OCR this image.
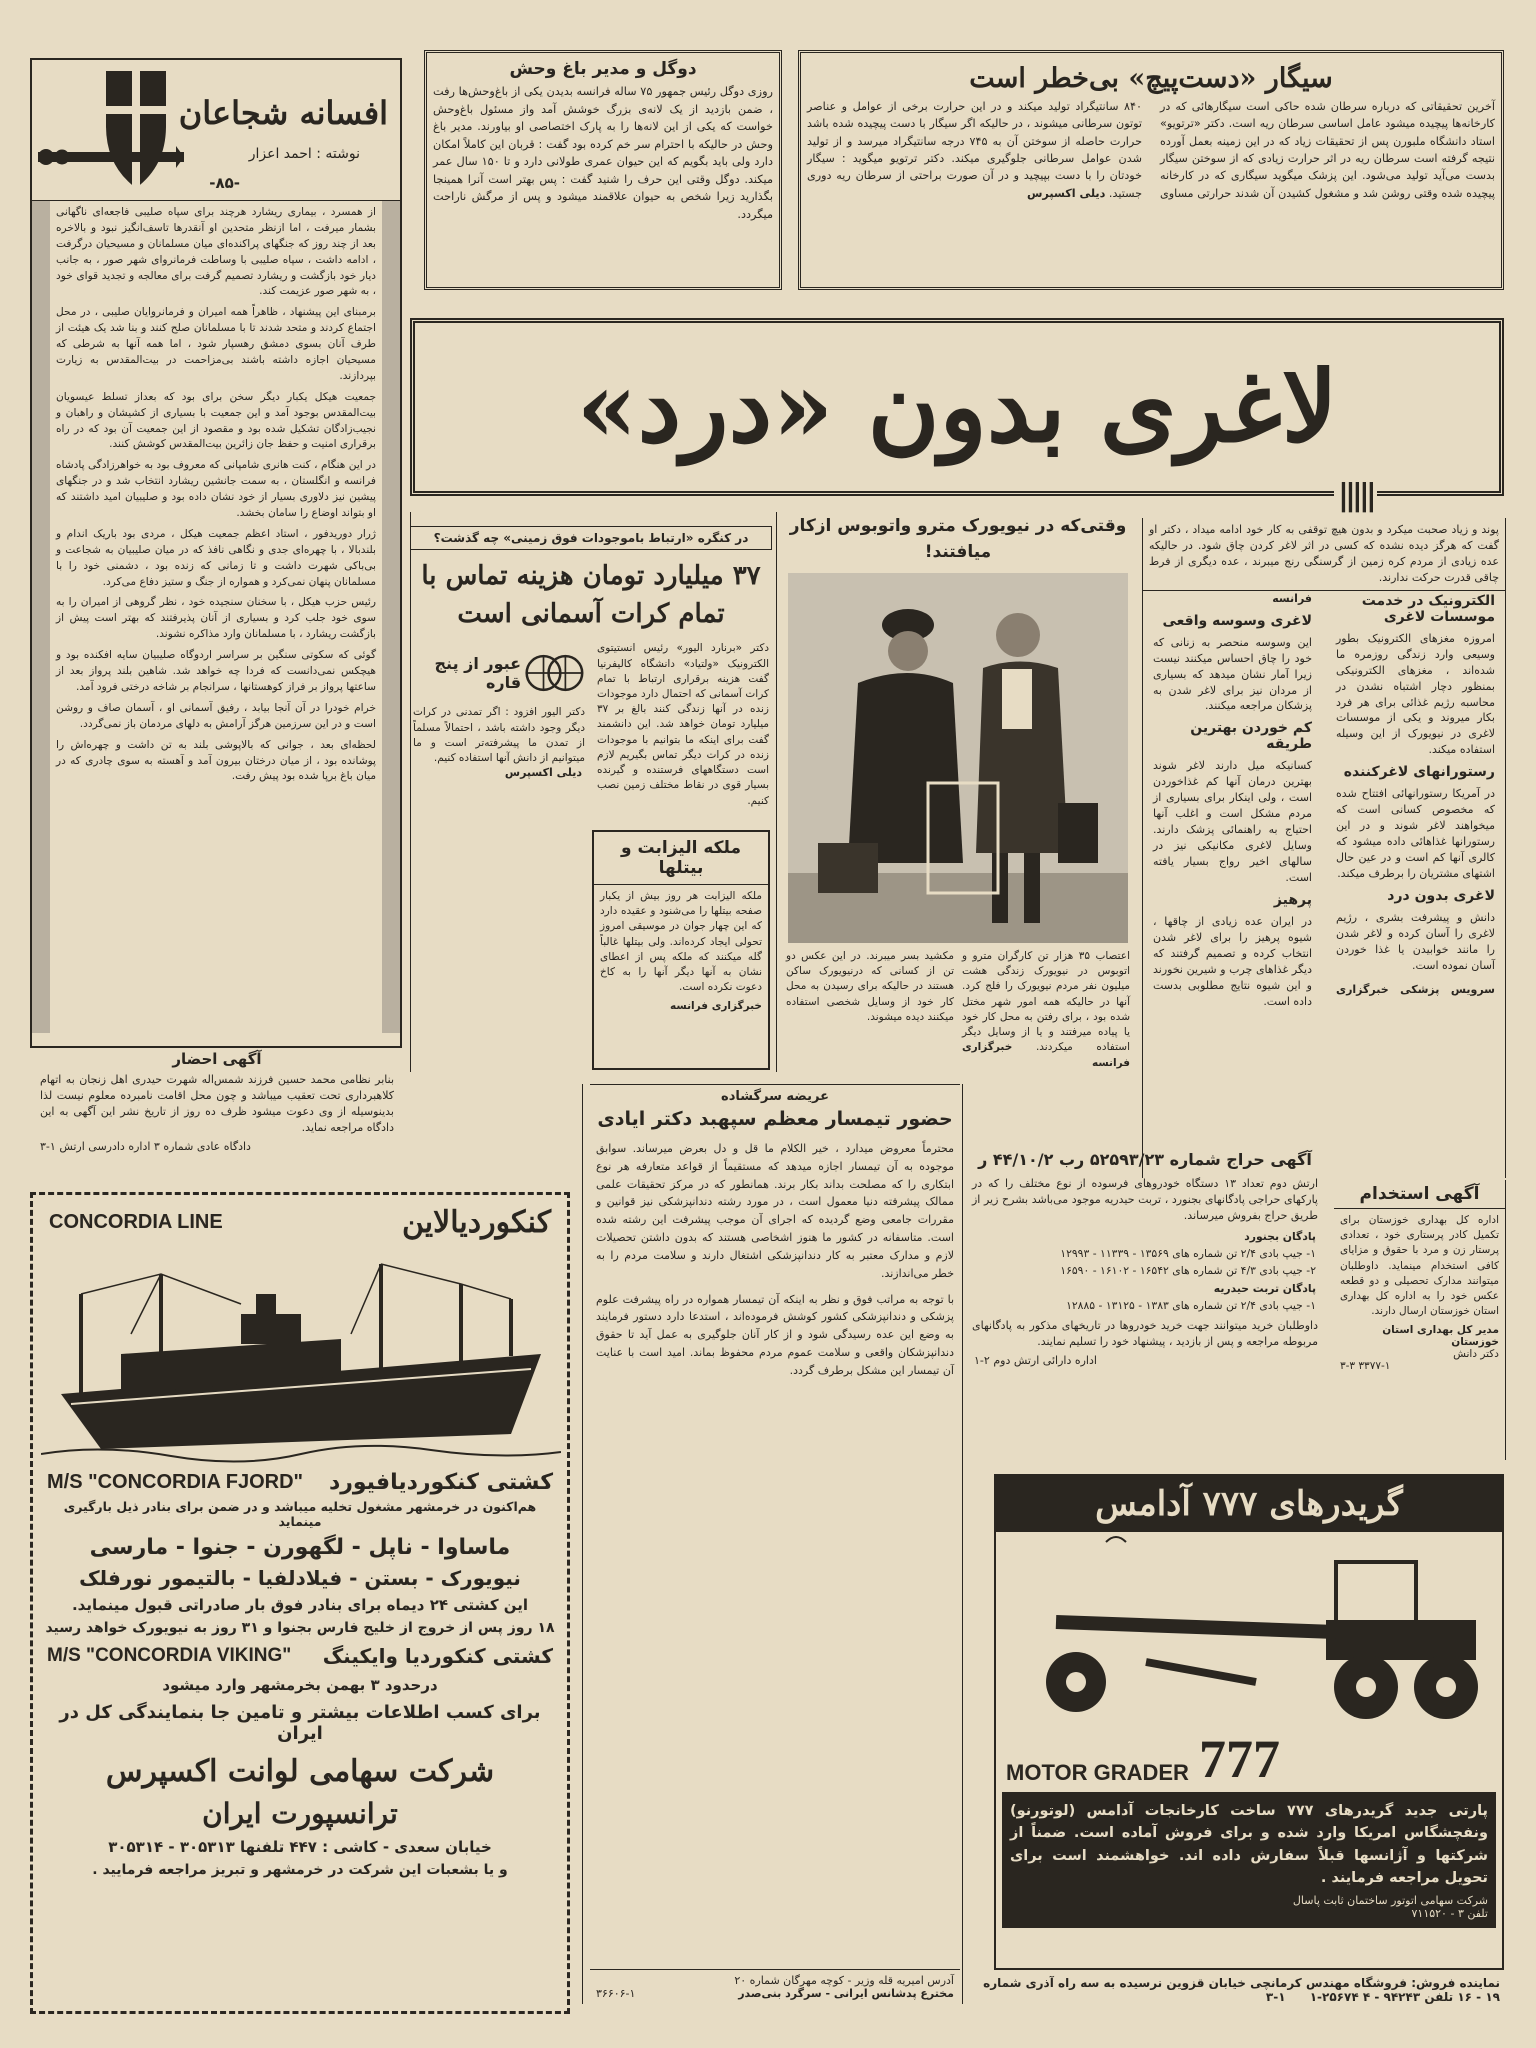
افسانه شجاعان
نوشته : احمد اعزار
-۸۵-

از همسرد ، بیماری ریشارد هرچند برای سپاه صلیبی فاجعه‌ای ناگهانی بشمار میرفت ، اما ازنظر متحدین او آنقدرها تاسف‌انگیز نبود و بالاخره بعد از چند روز که جنگهای پراکنده‌ای میان مسلمانان و مسیحیان درگرفت ، ادامه داشت ، سپاه صلیبی با وساطت فرمانروای شهر صور ، به جانب دیار خود بازگشت و ریشارد تصمیم گرفت برای معالجه و تجدید قوای خود ، به شهر صور عزیمت کند.

برمبنای این پیشنهاد ، ظاهراً همه امیران و فرمانروایان صلیبی ، در محل اجتماع کردند و متحد شدند تا با مسلمانان صلح کنند و بنا شد یک هیئت از طرف آنان بسوی دمشق رهسپار شود ، اما همه آنها به شرطی که مسیحیان اجازه داشته باشند بی‌مزاحمت در بیت‌المقدس به زیارت بپردازند.

جمعیت هیکل یکبار دیگر سخن برای بود که بعداز تسلط عیسویان بیت‌المقدس بوجود آمد و این جمعیت با بسیاری از کشیشان و راهبان و نجیب‌زادگان تشکیل شده بود و مقصود از این جمعیت آن بود که در راه برقراری امنیت و حفظ جان زائرین بیت‌المقدس کوشش کنند.

در این هنگام ، کنت هانری شامپانی که معروف بود به خواهرزادگی پادشاه فرانسه و انگلستان ، به سمت جانشین ریشارد انتخاب شد و در جنگهای پیشین نیز دلاوری بسیار از خود نشان داده بود و صلیبیان امید داشتند که او بتواند اوضاع را سامان بخشد.

ژرار دوریدفور ، استاد اعظم جمعیت هیکل ، مردی بود باریک اندام و بلندبالا ، با چهره‌ای جدی و نگاهی نافذ که در میان صلیبیان به شجاعت و بی‌باکی شهرت داشت و تا زمانی که زنده بود ، دشمنی خود را با مسلمانان پنهان نمی‌کرد و همواره از جنگ و ستیز دفاع می‌کرد.

رئیس حزب هیکل ، با سخنان سنجیده خود ، نظر گروهی از امیران را به سوی خود جلب کرد و بسیاری از آنان پذیرفتند که بهتر است پیش از بازگشت ریشارد ، با مسلمانان وارد مذاکره نشوند.

گوئی که سکوتی سنگین بر سراسر اردوگاه صلیبیان سایه افکنده بود و هیچکس نمی‌دانست که فردا چه خواهد شد. شاهین بلند پرواز بعد از ساعتها پرواز بر فراز کوهستانها ، سرانجام بر شاخه درختی فرود آمد.

خرام خودرا در آن آنجا بیابد ، رفیق آسمانی او ، آسمان صاف و روشن است و در این سرزمین هرگز آرامش به دلهای مردمان باز نمی‌گردد.

لحظه‌ای بعد ، جوانی که بالاپوشی بلند به تن داشت و چهره‌اش را پوشانده بود ، از میان درختان بیرون آمد و آهسته به سوی چادری که در میان باغ برپا شده بود پیش رفت.

آگهی احضار
بنابر نظامی محمد حسین فرزند شمس‌اله شهرت حیدری اهل زنجان به اتهام کلاهبرداری تحت تعقیب میباشد و چون محل اقامت نامبرده معلوم نیست لذا بدینوسیله از وی دعوت میشود ظرف ده روز از تاریخ نشر این آگهی به این دادگاه مراجعه نماید.
دادگاه عادی شماره ۳ اداره دادرسی ارتش ۱-۳
دوگل و مدیر باغ وحش
روزی دوگل رئیس جمهور ۷۵ ساله فرانسه بدیدن یکی از باغ‌وحش‌ها رفت ، ضمن بازدید از یک لانه‌ی بزرگ خوشش آمد واز مسئول باغ‌وحش خواست که یکی از این لانه‌ها را به پارک اختصاصی او بیاورند. مدیر باغ وحش در حالیکه با احترام سر خم کرده بود گفت : قربان این کاملاً امکان دارد ولی باید بگویم که این حیوان عمری طولانی دارد و تا ۱۵۰ سال عمر میکند. دوگل وقتی این حرف را شنید گفت : پس بهتر است آنرا همینجا بگذارید زیرا شخص به حیوان علاقمند میشود و پس از مرگش ناراحت میگردد.
سیگار «دست‌پیچ» بی‌خطر است
آخرین تحقیقاتی که درباره سرطان شده حاکی است سیگارهائی که در کارخانه‌ها پیچیده میشود عامل اساسی سرطان ریه است. دکتر «ترتویو» استاد دانشگاه ملبورن پس از تحقیقات زیاد که در این زمینه بعمل آورده نتیجه گرفته است سرطان ریه در اثر حرارت زیادی که از سوختن سیگار بدست می‌آید تولید می‌شود. این پزشک میگوید سیگاری که در کارخانه پیچیده شده وقتی روشن شد و مشغول کشیدن آن شدند حرارتی مساوی ۸۴۰ سانتیگراد تولید میکند و در این حرارت برخی از عوامل و عناصر توتون سرطانی میشوند ، در حالیکه اگر سیگار با دست پیچیده شده باشد حرارت حاصله از سوختن آن به ۷۴۵ درجه سانتیگراد میرسد و از تولید شدن عوامل سرطانی جلوگیری میکند. دکتر ترتویو میگوید : سیگار خودتان را با دست بپیچید و در آن صورت براحتی از سرطان ریه دوری جستید. دیلی اکسپرس
لاغری بدون «درد»
|||||
پوند و زیاد صحبت میکرد و بدون هیچ توقفی به کار خود ادامه میداد ، دکتر او گفت که هرگز دیده نشده که کسی در اثر لاغر کردن چاق شود. در حالیکه عده زیادی از مردم کره زمین از گرسنگی رنج میبرند ، عده دیگری از فرط چاقی قدرت حرکت ندارند.
الکترونیک در خدمت موسسات لاغری
امروزه مغزهای الکترونیک بطور وسیعی وارد زندگی روزمره ما شده‌اند ، مغزهای الکترونیکی بمنظور دچار اشتباه نشدن در محاسبه رژیم غذائی برای هر فرد بکار میروند و یکی از موسسات لاغری در نیویورک از این وسیله استفاده میکند.
رستورانهای لاغرکننده
در آمریکا رستورانهائی افتتاح شده که مخصوص کسانی است که میخواهند لاغر شوند و در این رستورانها غذاهائی داده میشود که کالری آنها کم است و در عین حال اشتهای مشتریان را برطرف میکند.
لاغری بدون درد
دانش و پیشرفت بشری ، رژیم لاغری را آسان کرده و لاغر شدن را مانند خوابیدن یا غذا خوردن آسان نموده است.
سرویس پزشکی خبرگزاری فرانسه
لاغری وسوسه واقعی
این وسوسه منحصر به زنانی که خود را چاق احساس میکنند نیست زیرا آمار نشان میدهد که بسیاری از مردان نیز برای لاغر شدن به پزشکان مراجعه میکنند.
کم خوردن بهترین طریقه
کسانیکه میل دارند لاغر شوند بهترین درمان آنها کم غذاخوردن است ، ولی اینکار برای بسیاری از مردم مشکل است و اغلب آنها احتیاج به راهنمائی پزشک دارند. وسایل لاغری مکانیکی نیز در سالهای اخیر رواج بسیار یافته است.
پرهیز
در ایران عده زیادی از چاقها ، شیوه پرهیز را برای لاغر شدن انتخاب کرده و تصمیم گرفتند که دیگر غذاهای چرب و شیرین نخورند و این شیوه نتایج مطلوبی بدست داده است.
وقتی‌که در نیویورک مترو واتوبوس ازکار میافتند!
اعتصاب ۳۵ هزار تن کارگران مترو و اتوبوس در نیویورک زندگی هشت میلیون نفر مردم نیویورک را فلج کرد. آنها در حالیکه همه امور شهر مختل شده بود ، برای رفتن به محل کار خود یا پیاده میرفتند و یا از وسایل دیگر استفاده میکردند. خبرگزاری فرانسه
مکشید بسر میبرند. در این عکس دو تن از کسانی که درنیویورک ساکن هستند در حالیکه برای رسیدن به محل کار خود از وسایل شخصی استفاده میکنند دیده میشوند.
در کنگره «ارتباط باموجودات فوق زمینی» چه گذشت؟
۳۷ میلیارد تومان هزینه تماس با تمام کرات آسمانی است
دکتر «برنارد الیور» رئیس انستیتوی الکترونیک «ولتیاد» دانشگاه کالیفرنیا گفت هزینه برقراری ارتباط با تمام کرات آسمانی که احتمال دارد موجودات زنده در آنها زندگی کنند بالغ بر ۳۷ میلیارد تومان خواهد شد. این دانشمند گفت برای اینکه ما بتوانیم با موجودات زنده در کرات دیگر تماس بگیریم لازم است دستگاههای فرستنده و گیرنده بسیار قوی در نقاط مختلف زمین نصب کنیم.
عبور از پنج قاره
دکتر الیور افزود : اگر تمدنی در کرات دیگر وجود داشته باشد ، احتمالاً مسلماً از تمدن ما پیشرفته‌تر است و ما میتوانیم از دانش آنها استفاده کنیم.
دیلی اکسپرس
ملکه الیزابت و بیتلها
ملکه الیزابت هر روز بیش از یکبار صفحه بیتلها را می‌شنود و عقیده دارد که این چهار جوان در موسیقی امروز تحولی ایجاد کرده‌اند. ولی بیتلها غالباً گله میکنند که ملکه پس از اعطای نشان به آنها دیگر آنها را به کاخ دعوت نکرده است.
خبرگزاری فرانسه
عریضه سرگشاده
حضور تیمسار معظم سپهبد دکتر ایادی
محترماً معروض میدارد ، خیر الکلام ما قل و دل بعرض میرساند. سوابق موجوده به آن تیمسار اجازه میدهد که مستقیماً از قواعد متعارفه هر نوع ابتکاری را که مصلحت بداند بکار برند. همانطور که در مرکز تحقیقات علمی ممالک پیشرفته دنیا معمول است ، در مورد رشته دندانپزشکی نیز قوانین و مقررات جامعی وضع گردیده که اجرای آن موجب پیشرفت این رشته شده است. متاسفانه در کشور ما هنوز اشخاصی هستند که بدون داشتن تحصیلات لازم و مدارک معتبر به کار دندانپزشکی اشتغال دارند و سلامت مردم را به خطر می‌اندازند.
با توجه به مراتب فوق و نظر به اینکه آن تیمسار همواره در راه پیشرفت علوم پزشکی و دندانپزشکی کشور کوشش فرموده‌اند ، استدعا دارد دستور فرمایند به وضع این عده رسیدگی شود و از کار آنان جلوگیری به عمل آید تا حقوق دندانپزشکان واقعی و سلامت عموم مردم محفوظ بماند. امید است با عنایت آن تیمسار این مشکل برطرف گردد.
آدرس امیریه قله وزیر - کوچه مهرگان شماره ۲۰
مخترع پدشانس ایرانی - سرگرد بنی‌صدر
۳۶۶۰۶-۱
آگهی حراج شماره ۵۲۵۹۳/۲۳ رب ۴۴/۱۰/۲ ر
ارتش دوم تعداد ۱۳ دستگاه خودروهای فرسوده از نوع مختلف را که در پارکهای حراجی پادگانهای بجنورد ، تربت حیدریه موجود می‌باشد بشرح زیر از طریق حراج بفروش میرساند.
پادگان بجنورد
۱- جیپ بادی ۲/۴ تن شماره های ۱۳۵۶۹ - ۱۱۳۳۹ - ۱۲۹۹۳
۲- جیپ بادی ۴/۳ تن شماره های ۱۶۵۴۲ - ۱۶۱۰۲ - ۱۶۵۹۰
پادگان تربت حیدریه
۱- جیپ بادی ۲/۴ تن شماره های ۱۳۸۳ - ۱۳۱۲۵ - ۱۲۸۸۵
داوطلبان خرید میتوانند جهت خرید خودروها در تاریخهای مذکور به پادگانهای مربوطه مراجعه و پس از بازدید ، پیشنهاد خود را تسلیم نمایند.
اداره دارائی ارتش دوم ۲-۱
آگهی استخدام
اداره کل بهداری خوزستان برای تکمیل کادر پرستاری خود ، تعدادی پرستار زن و مرد با حقوق و مزایای کافی استخدام مینماید. داوطلبان میتوانند مدارک تحصیلی و دو قطعه عکس خود را به اداره کل بهداری استان خوزستان ارسال دارند.
مدیر کل بهداری استان خوزستان
دکتر دانش
۳۳۷۷-۱ ۳-۳
CONCORDIA LINE	کنکوردیالاین
کشتی کنکوردیافیورد
M/S "CONCORDIA FJORD"
هم‌اکنون در خرمشهر مشغول تخلیه میباشد و در ضمن برای بنادر ذیل بارگیری مینماید
ماساوا - ناپل - لگهورن - جنوا - مارسی
نیویورک - بستن - فیلادلفیا - بالتیمور نورفلک
این کشتی ۲۴ دیماه برای بنادر فوق بار صادراتی قبول مینماید.
۱۸ روز پس از خروج از خلیج فارس بجنوا و ۳۱ روز به نیویورک خواهد رسید
کشتی کنکوردیا وایکینگ
M/S "CONCORDIA VIKING"
درحدود ۳ بهمن بخرمشهر وارد میشود
برای کسب اطلاعات بیشتر و تامین جا بنمایندگی کل در ایران
شرکت سهامی لوانت اکسپرس
ترانسپورت ایران
خیابان سعدی - کاشی : ۴۴۷ تلفنها ۳۰۵۳۱۳ - ۳۰۵۳۱۴
و یا بشعبات این شرکت در خرمشهر و تبریز مراجعه فرمایید .
گریدرهای ۷۷۷ آدامس
MOTOR GRADER 777
پارتی جدید گریدرهای ۷۷۷ ساخت کارخانجات آدامس (لوتورنو) ونفچشگاس امریکا وارد شده و برای فروش آماده است. ضمناً از شرکتها و آژانسها قبلاً سفارش داده اند. خواهشمند است برای تحویل مراجعه فرمایند .
شرکت سهامی اتوتور ساختمان ثابت پاسال
تلفن ۳ - ۷۱۱۵۲۰
نماینده فروش: فروشگاه مهندس کرمانچی خیابان قزوین نرسیده به سه راه آذری شماره ۱۹ - ۱۶ تلفن ۹۴۲۴۳ - ۴ ۲۵۶۷۴-۱ ۱-۳
